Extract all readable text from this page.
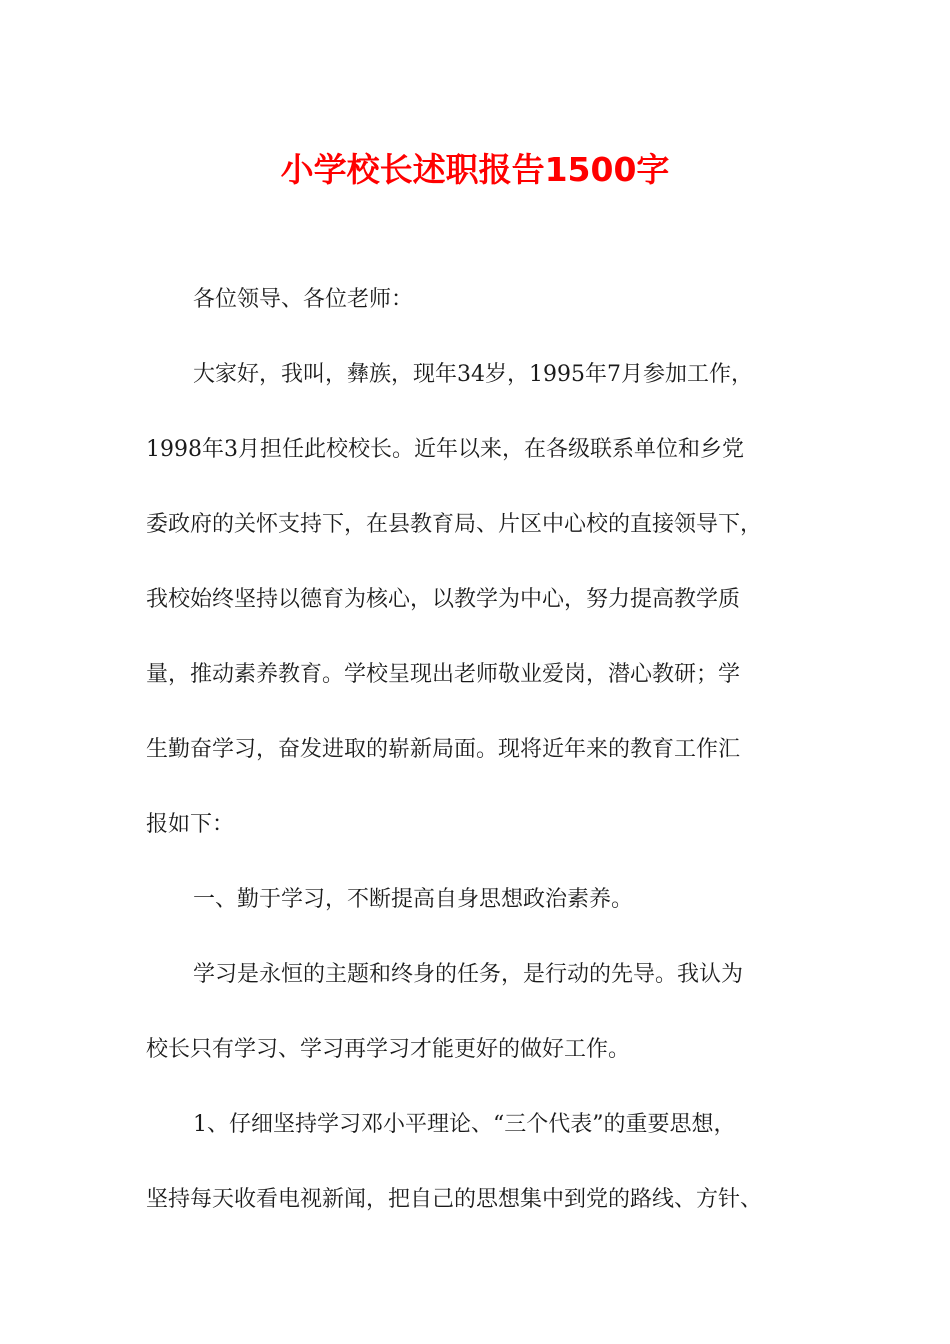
小学校长述职报告1500字
各位领导、各位老师：
大家好，我叫，彝族，现年34岁，1995年7月参加工作，
1998年3月担任此校校长。近年以来，在各级联系单位和乡党
委政府的关怀支持下，在县教育局、片区中心校的直接领导下，
我校始终坚持以德育为核心，以教学为中心，努力提高教学质
量，推动素养教育。学校呈现出老师敬业爱岗，潜心教研；学
生勤奋学习，奋发进取的崭新局面。现将近年来的教育工作汇
报如下：
一、勤于学习，不断提高自身思想政治素养。
学习是永恒的主题和终身的任务，是行动的先导。我认为
校长只有学习、学习再学习才能更好的做好工作。
1、仔细坚持学习邓小平理论、“三个代表”的重要思想，
坚持每天收看电视新闻，把自己的思想集中到党的路线、方针、
